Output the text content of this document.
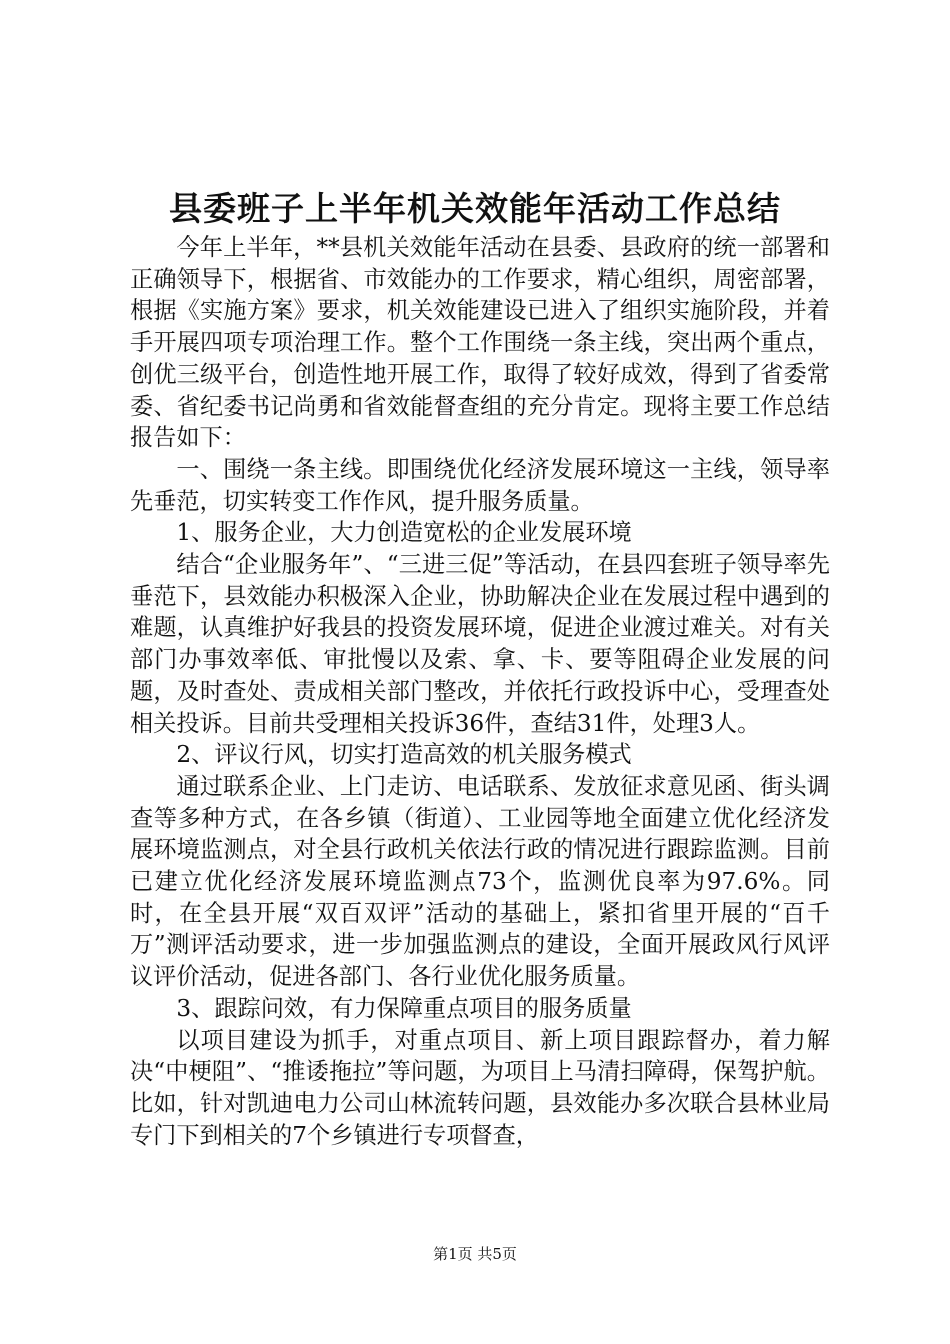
县委班子上半年机关效能年活动工作总结

今年上半年，**县机关效能年活动在县委、县政府的统一部署和正确领导下，根据省、市效能办的工作要求，精心组织，周密部署，根据《实施方案》要求，机关效能建设已进入了组织实施阶段，并着手开展四项专项治理工作。整个工作围绕一条主线，突出两个重点，创优三级平台，创造性地开展工作，取得了较好成效，得到了省委常委、省纪委书记尚勇和省效能督查组的充分肯定。现将主要工作总结报告如下：

一、围绕一条主线。即围绕优化经济发展环境这一主线，领导率先垂范，切实转变工作作风，提升服务质量。

1、服务企业，大力创造宽松的企业发展环境

结合“企业服务年”、“三进三促”等活动，在县四套班子领导率先垂范下，县效能办积极深入企业，协助解决企业在发展过程中遇到的难题，认真维护好我县的投资发展环境，促进企业渡过难关。对有关部门办事效率低、审批慢以及索、拿、卡、要等阻碍企业发展的问题，及时查处、责成相关部门整改，并依托行政投诉中心，受理查处相关投诉。目前共受理相关投诉36件，查结31件，处理3人。

2、评议行风，切实打造高效的机关服务模式

通过联系企业、上门走访、电话联系、发放征求意见函、街头调查等多种方式，在各乡镇（街道）、工业园等地全面建立优化经济发展环境监测点，对全县行政机关依法行政的情况进行跟踪监测。目前已建立优化经济发展环境监测点73个，监测优良率为97.6%。同时，在全县开展“双百双评”活动的基础上，紧扣省里开展的“百千万”测评活动要求，进一步加强监测点的建设，全面开展政风行风评议评价活动，促进各部门、各行业优化服务质量。

3、跟踪问效，有力保障重点项目的服务质量

以项目建设为抓手，对重点项目、新上项目跟踪督办，着力解决“中梗阻”、“推诿拖拉”等问题，为项目上马清扫障碍，保驾护航。比如，针对凯迪电力公司山林流转问题，县效能办多次联合县林业局专门下到相关的7个乡镇进行专项督查，

第1页 共5页
